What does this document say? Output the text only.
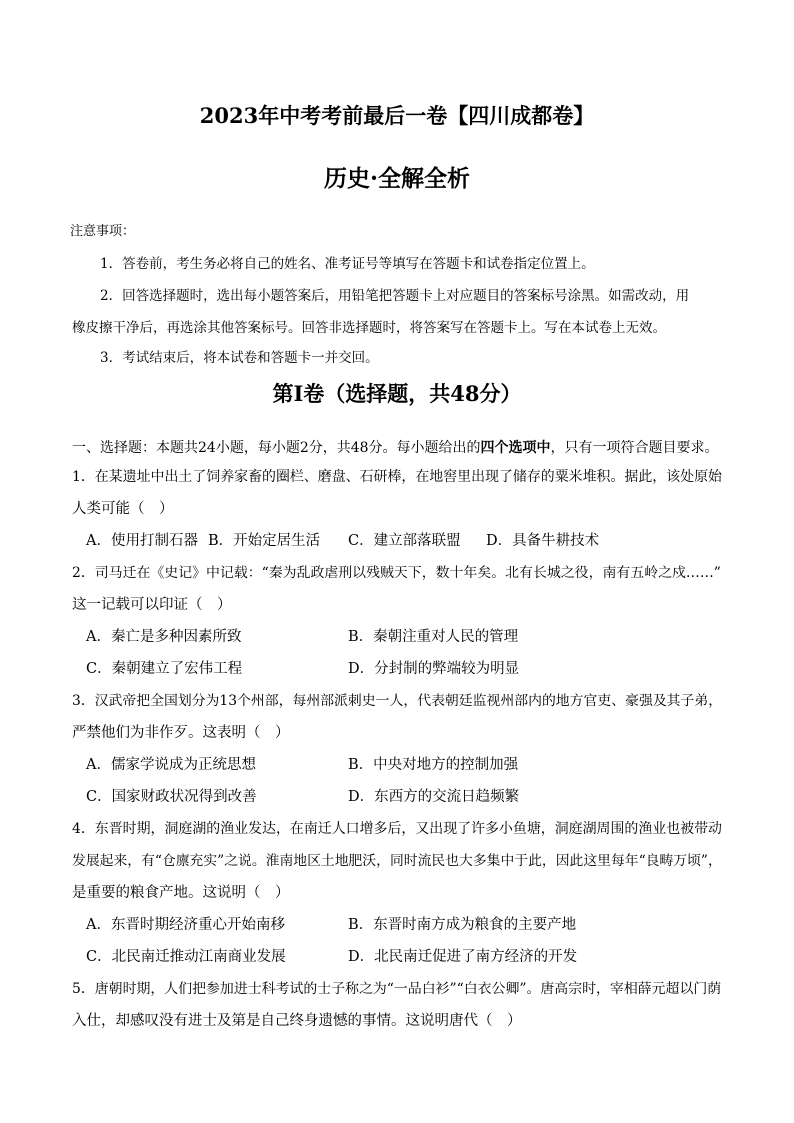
2023年中考考前最后一卷【四川成都卷】
历史·全解全析
注意事项：
1．答卷前，考生务必将自己的姓名、准考证号等填写在答题卡和试卷指定位置上。
2．回答选择题时，选出每小题答案后，用铅笔把答题卡上对应题目的答案标号涂黑。如需改动，用
橡皮擦干净后，再选涂其他答案标号。回答非选择题时，将答案写在答题卡上。写在本试卷上无效。
3．考试结束后，将本试卷和答题卡一并交回。
第Ⅰ卷（选择题，共48分）
一、选择题：本题共24小题，每小题2分，共48分。每小题给出的四个选项中，只有一项符合题目要求。
1．在某遗址中出土了饲养家畜的圈栏、磨盘、石研棒，在地窖里出现了储存的粟米堆积。据此，该处原始
人类可能（　）
A．使用打制石器 B．开始定居生活 C．建立部落联盟 D．具备牛耕技术
2．司马迁在《史记》中记载：“秦为乱政虐刑以残贼天下，数十年矣。北有长城之役，南有五岭之戍……”
这一记载可以印证（　）
A．秦亡是多种因素所致	B．秦朝注重对人民的管理
C．秦朝建立了宏伟工程	D．分封制的弊端较为明显
3．汉武帝把全国划分为13个州部，每州部派刺史一人，代表朝廷监视州部内的地方官吏、豪强及其子弟，
严禁他们为非作歹。这表明（　）
A．儒家学说成为正统思想	B．中央对地方的控制加强
C．国家财政状况得到改善	D．东西方的交流日趋频繁
4．东晋时期，洞庭湖的渔业发达，在南迁人口增多后，又出现了许多小鱼塘，洞庭湖周围的渔业也被带动
发展起来，有“仓廪充实”之说。淮南地区土地肥沃，同时流民也大多集中于此，因此这里每年“良畴万顷”，
是重要的粮食产地。这说明（　）
A．东晋时期经济重心开始南移	B．东晋时南方成为粮食的主要产地
C．北民南迁推动江南商业发展	D．北民南迁促进了南方经济的开发
5．唐朝时期，人们把参加进士科考试的士子称之为“一品白衫”“白衣公卿”。唐高宗时，宰相薛元超以门荫
入仕，却感叹没有进士及第是自己终身遗憾的事情。这说明唐代（　）
